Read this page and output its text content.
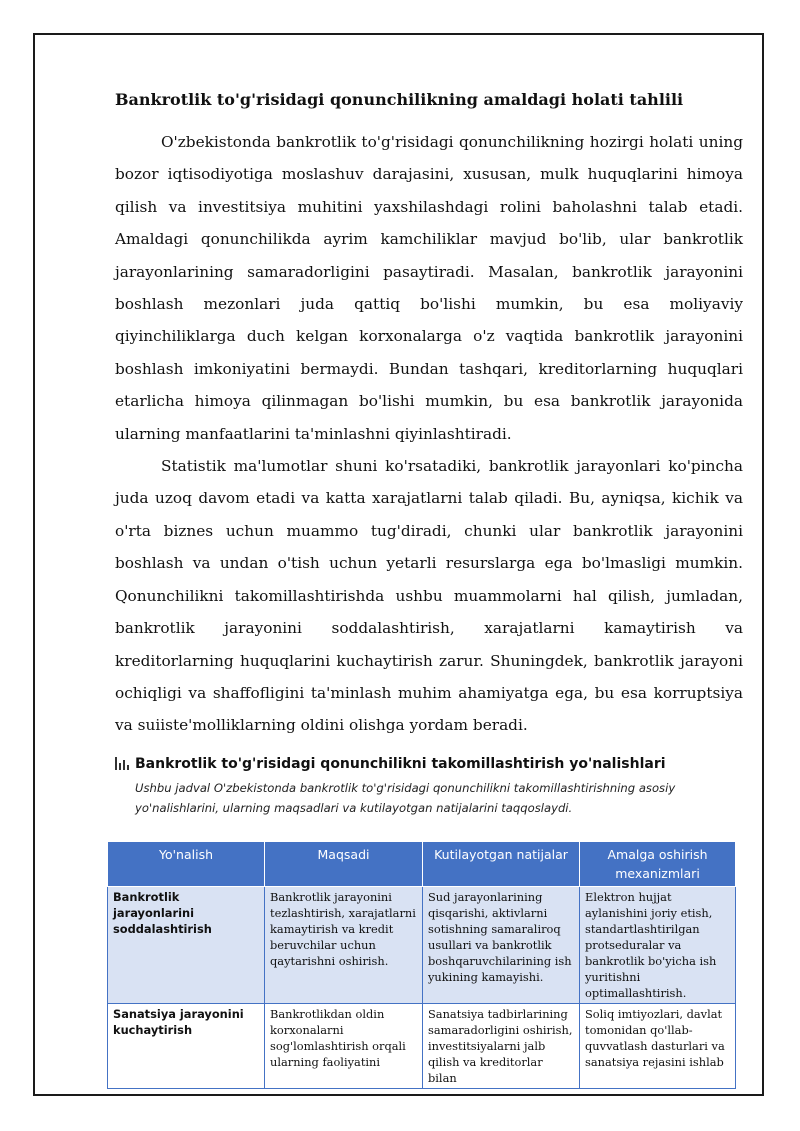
Bankrotlik to'g'risidagi qonunchilikning amaldagi holati tahlili

O'zbekistonda bankrotlik to'g'risidagi qonunchilikning hozirgi holati uning bozor iqtisodiyotiga moslashuv darajasini, xususan, mulk huquqlarini himoya qilish va investitsiya muhitini yaxshilashdagi rolini baholashni talab etadi. Amaldagi qonunchilikda ayrim kamchiliklar mavjud bo'lib, ular bankrotlik jarayonlarining samaradorligini pasaytiradi. Masalan, bankrotlik jarayonini boshlash mezonlari juda qattiq bo'lishi mumkin, bu esa moliyaviy qiyinchiliklarga duch kelgan korxonalarga o'z vaqtida bankrotlik jarayonini boshlash imkoniyatini bermaydi. Bundan tashqari, kreditorlarning huquqlari etarlicha himoya qilinmagan bo'lishi mumkin, bu esa bankrotlik jarayonida ularning manfaatlarini ta'minlashni qiyinlashtiradi.

Statistik ma'lumotlar shuni ko'rsatadiki, bankrotlik jarayonlari ko'pincha juda uzoq davom etadi va katta xarajatlarni talab qiladi. Bu, ayniqsa, kichik va o'rta biznes uchun muammo tug'diradi, chunki ular bankrotlik jarayonini boshlash va undan o'tish uchun yetarli resurslarga ega bo'lmasligi mumkin. Qonunchilikni takomillashtirishda ushbu muammolarni hal qilish, jumladan, bankrotlik jarayonini soddalashtirish, xarajatlarni kamaytirish va kreditorlarning huquqlarini kuchaytirish zarur. Shuningdek, bankrotlik jarayoni ochiqligi va shaffofligini ta'minlash muhim ahamiyatga ega, bu esa korruptsiya va suiiste'molliklarning oldini olishga yordam beradi.

Bankrotlik to'g'risidagi qonunchilikni takomillashtirish yo'nalishlari
Ushbu jadval O'zbekistonda bankrotlik to'g'risidagi qonunchilikni takomillashtirishning asosiy yo'nalishlarini, ularning maqsadlari va kutilayotgan natijalarini taqqoslaydi.
Yo'nalish	Maqsadi	Kutilayotgan natijalar	Amalga oshirish mexanizmlari
Bankrotlik jarayonlarini soddalashtirish	Bankrotlik jarayonini tezlashtirish, xarajatlarni kamaytirish va kredit beruvchilar uchun qaytarishni oshirish.	Sud jarayonlarining qisqarishi, aktivlarni sotishning samaraliroq usullari va bankrotlik boshqaruvchilarining ish yukining kamayishi.	Elektron hujjat aylanishini joriy etish, standartlashtirilgan protseduralar va bankrotlik bo'yicha ish yuritishni optimallashtirish.
Sanatsiya jarayonini kuchaytirish	Bankrotlikdan oldin korxonalarni sog'lomlashtirish orqali ularning faoliyatini	Sanatsiya tadbirlarining samaradorligini oshirish, investitsiyalarni jalb qilish va kreditorlar bilan	Soliq imtiyozlari, davlat tomonidan qo'llab-quvvatlash dasturlari va sanatsiya rejasini ishlab
